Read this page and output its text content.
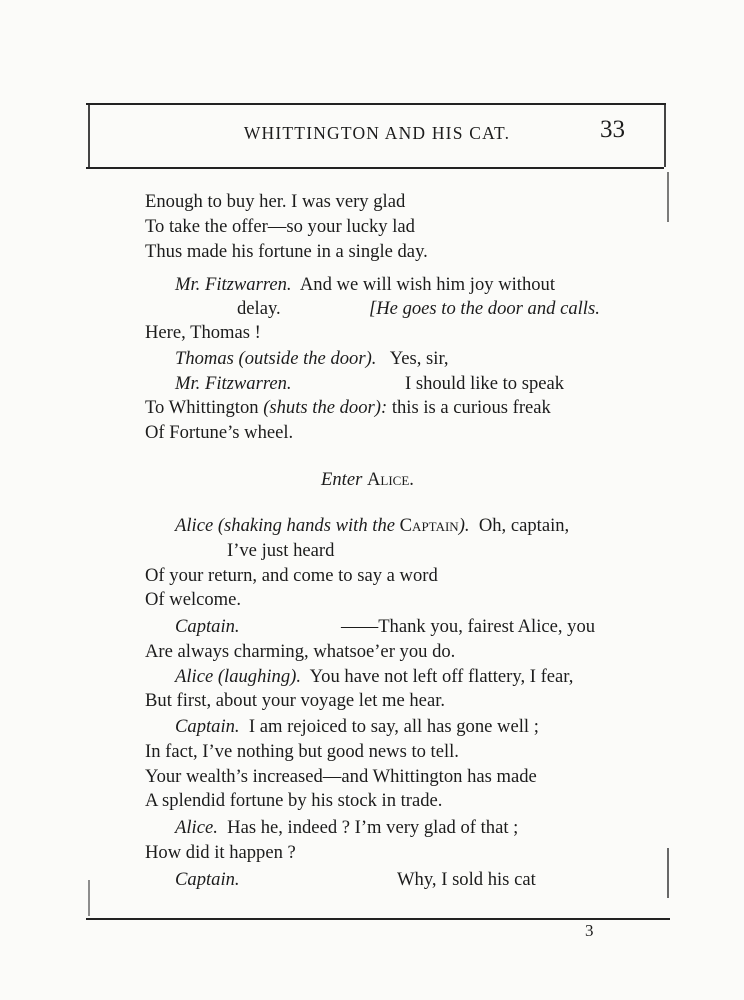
WHITTINGTON AND HIS CAT.	33
Enough to buy her. I was very glad
To take the offer—so your lucky lad
Thus made his fortune in a single day.
Mr. Fitzwarren. And we will wish him joy without
delay.	[He goes to the door and calls.
Here, Thomas !
Thomas (outside the door). Yes, sir,
Mr. Fitzwarren.	I should like to speak
To Whittington (shuts the door): this is a curious freak
Of Fortune’s wheel.
Enter Alice.
Alice (shaking hands with the Captain). Oh, captain,
I’ve just heard
Of your return, and come to say a word
Of welcome.
Captain.	——Thank you, fairest Alice, you
Are always charming, whatsoe’er you do.
Alice (laughing). You have not left off flattery, I fear,
But first, about your voyage let me hear.
Captain. I am rejoiced to say, all has gone well ;
In fact, I’ve nothing but good news to tell.
Your wealth’s increased—and Whittington has made
A splendid fortune by his stock in trade.
Alice. Has he, indeed ? I’m very glad of that ;
How did it happen ?
Captain.	Why, I sold his cat
3
